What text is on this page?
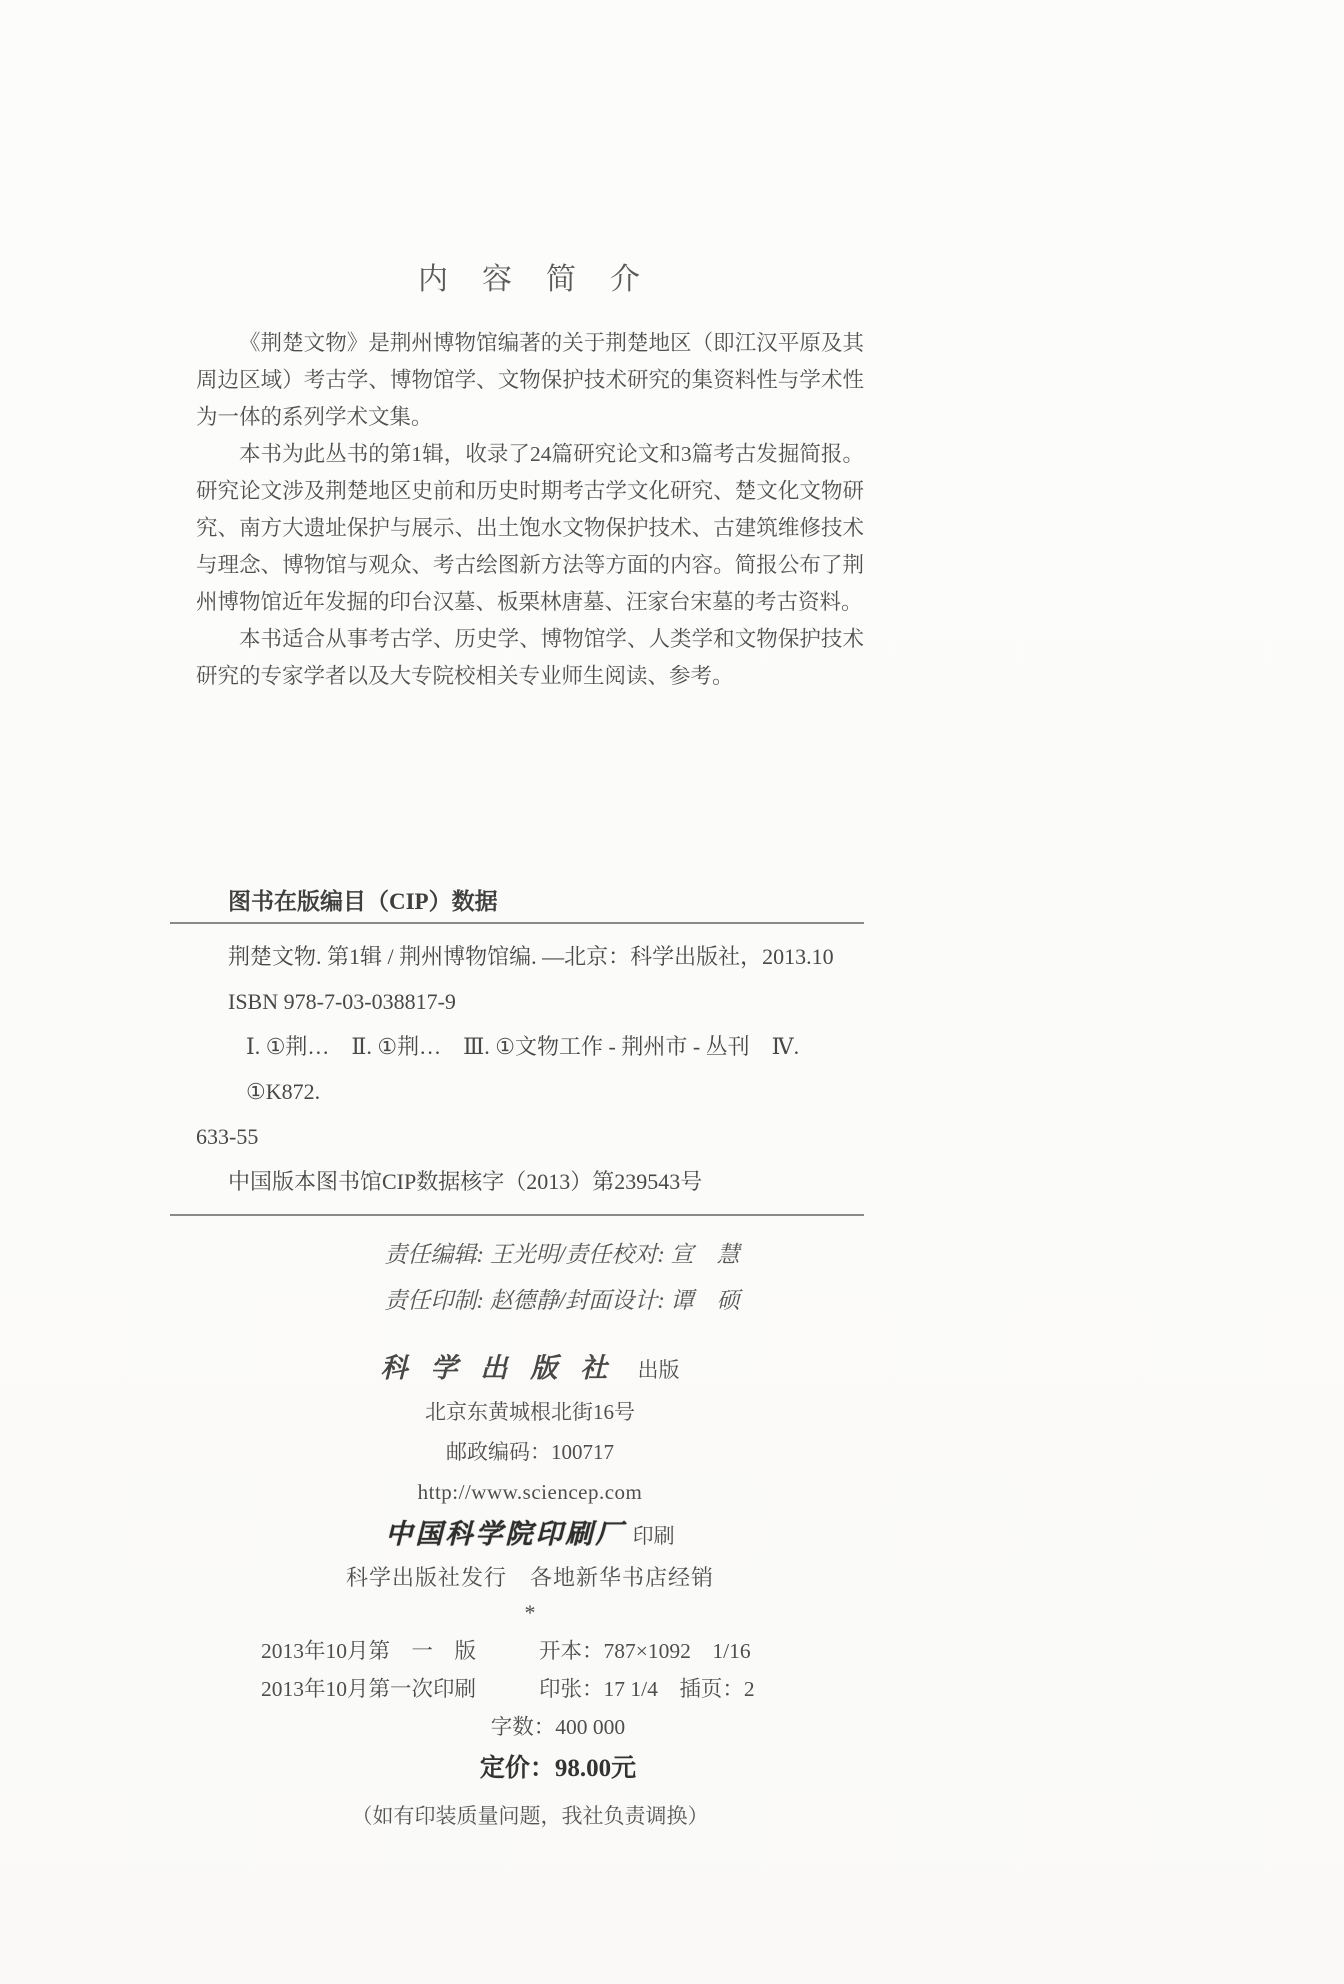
内　容　简　介

《荆楚文物》是荆州博物馆编著的关于荆楚地区（即江汉平原及其周边区域）考古学、博物馆学、文物保护技术研究的集资料性与学术性为一体的系列学术文集。

本书为此丛书的第1辑，收录了24篇研究论文和3篇考古发掘简报。研究论文涉及荆楚地区史前和历史时期考古学文化研究、楚文化文物研究、南方大遗址保护与展示、出土饱水文物保护技术、古建筑维修技术与理念、博物馆与观众、考古绘图新方法等方面的内容。简报公布了荆州博物馆近年发掘的印台汉墓、板栗林唐墓、汪家台宋墓的考古资料。

本书适合从事考古学、历史学、博物馆学、人类学和文物保护技术研究的专家学者以及大专院校相关专业师生阅读、参考。

图书在版编目（CIP）数据
荆楚文物. 第1辑 / 荆州博物馆编. —北京：科学出版社，2013.10
ISBN 978-7-03-038817-9
Ⅰ. ①荆…　Ⅱ. ①荆…　Ⅲ. ①文物工作 - 荆州市 - 丛刊　Ⅳ. ①K872.
633-55
中国版本图书馆CIP数据核字（2013）第239543号
责任编辑: 王光明/责任校对: 宣　慧
责任印制: 赵德静/封面设计: 谭　硕
科学出版社 出版
北京东黄城根北街16号
邮政编码：100717
http://www.sciencep.com
中国科学院印刷厂 印刷
科学出版社发行　各地新华书店经销
*
2013年10月第　一　版	开本：787×1092　1/16
2013年10月第一次印刷	印张：17 1/4　插页：2
字数：400 000
定价：98.00元
（如有印装质量问题，我社负责调换）
